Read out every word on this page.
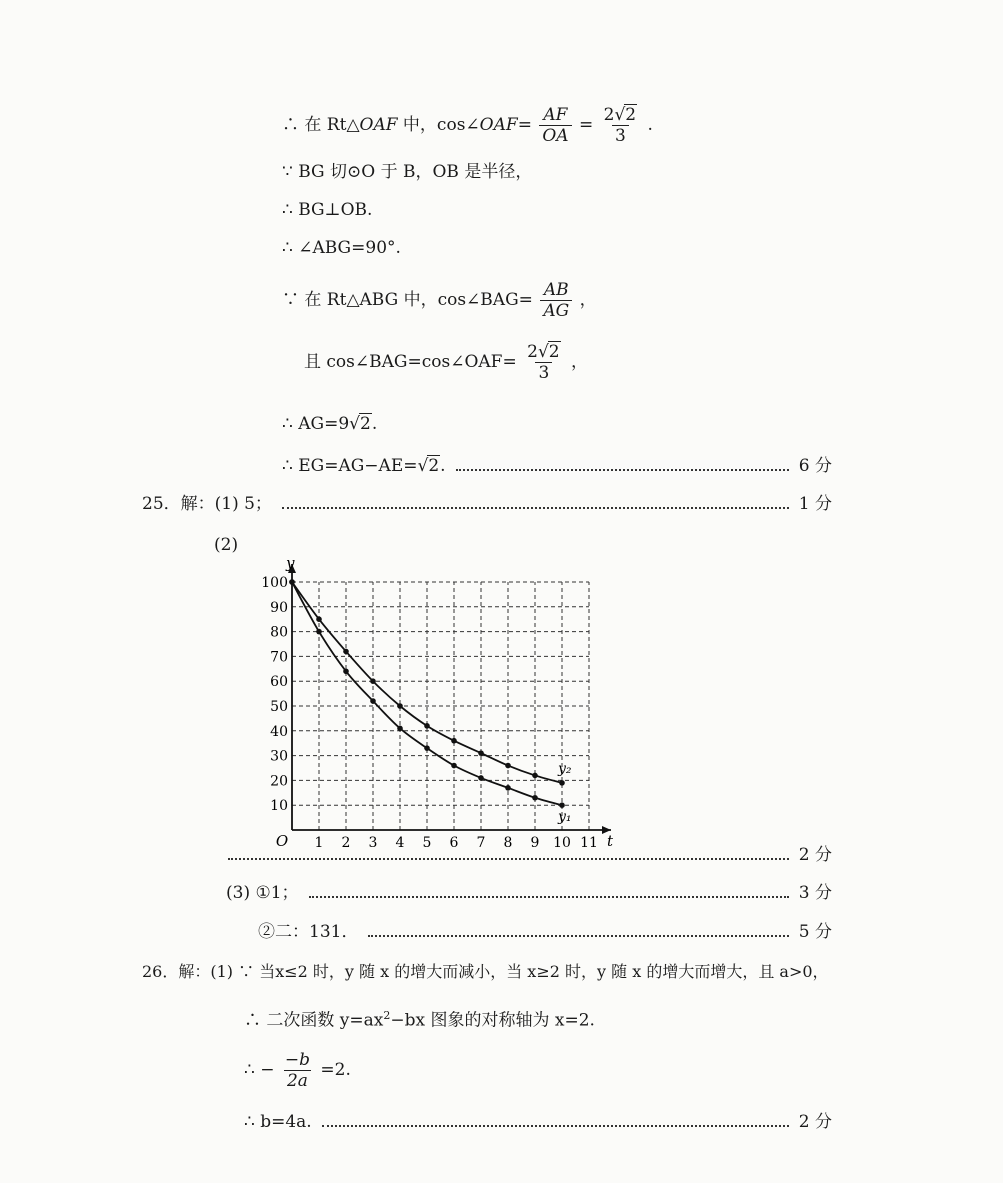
∴ 在 Rt△OAF 中，cos∠OAF= $\frac{AF}{OA} = \frac{2√2}{3}$ .
∵ BG 切⊙O 于 B，OB 是半径，
∴ BG⊥OB.
∴ ∠ABG=90°.
∵ 在 Rt△ABG 中，cos∠BAG= $\frac{AB}{AG}$ ，
且 cos∠BAG=cos∠OAF= $\frac{2√2}{3}$ ，
∴ AG=9√2.
∴ EG=AG−AE=√2.	6 分
25．解：(1) 5；	1 分
(2)
O	t
y
1 2 3 4 5 6 7 8 9 10 11
10
20
30
40
50
60
70
80
90
100
y₂
y₁
2 分
(3) ①1；	3 分
②二：131．	5 分
26．解：(1) ∵ 当x≤2 时，y 随 x 的增大而减小，当 x≥2 时，y 随 x 的增大而增大，且 a>0，
∴ 二次函数 $y=ax^2-bx$ 图象的对称轴为 x=2.
∴ − $\frac{-b}{2a} =2$.
∴ b=4a.	2 分
